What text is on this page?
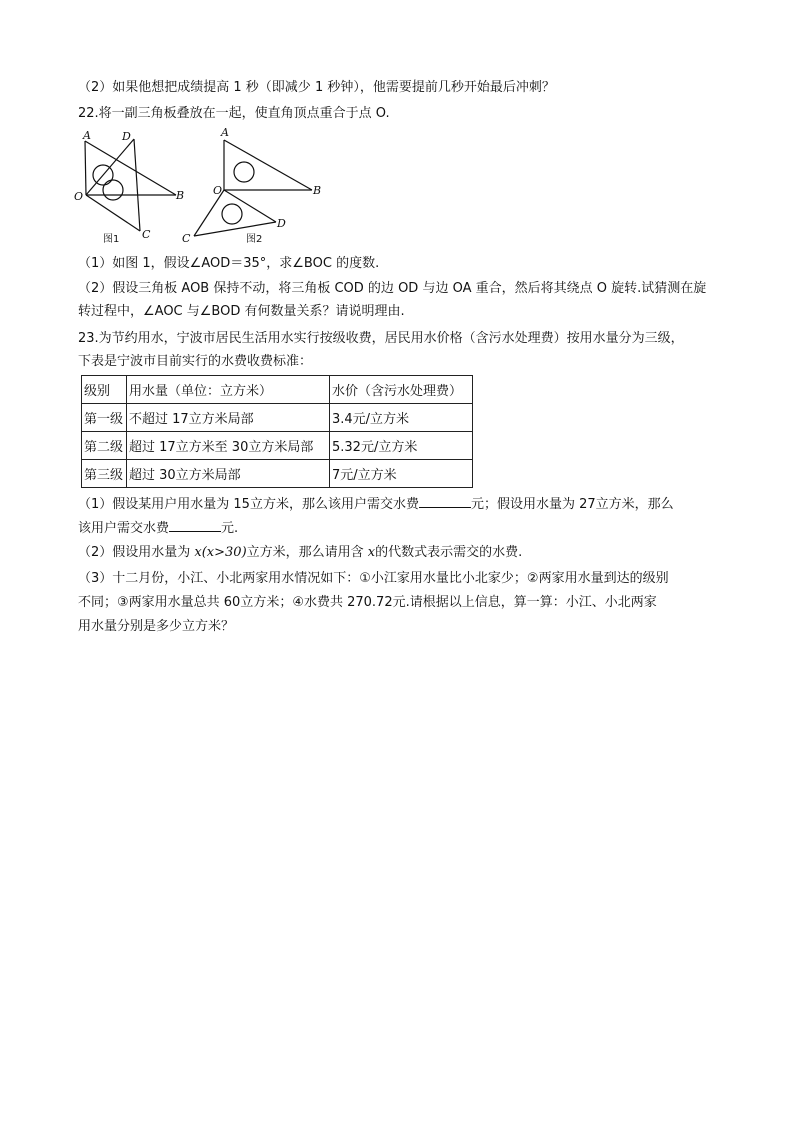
（2）如果他想把成绩提高 1 秒（即减少 1 秒钟），他需要提前几秒开始最后冲刺？
22.将一副三角板叠放在一起，使直角顶点重合于点 O.
A	D
O	B
C
图1
A
O	B
D
C	图2
（1）如图 1，假设∠AOD＝35°，求∠BOC 的度数.
（2）假设三角板 AOB 保持不动，将三角板 COD 的边 OD 与边 OA 重合，然后将其绕点 O 旋转.试猜测在旋
转过程中，∠AOC 与∠BOD 有何数量关系？请说明理由.
23.为节约用水，宁波市居民生活用水实行按级收费，居民用水价格（含污水处理费）按用水量分为三级，
下表是宁波市目前实行的水费收费标准：
级别	用水量（单位：立方米）	水价（含污水处理费）
第一级	不超过 17立方米局部	3.4元/立方米
第二级	超过 17立方米至 30立方米局部	5.32元/立方米
第三级	超过 30立方米局部	7元/立方米
（1）假设某用户用水量为 15立方米，那么该用户需交水费	元；假设用水量为 27立方米，那么
该用户需交水费	元.
（2）假设用水量为 x(x>30)立方米，那么请用含 x的代数式表示需交的水费.
（3）十二月份，小江、小北两家用水情况如下：①小江家用水量比小北家少；②两家用水量到达的级别
不同；③两家用水量总共 60立方米；④水费共 270.72元.请根据以上信息，算一算：小江、小北两家
用水量分别是多少立方米？
